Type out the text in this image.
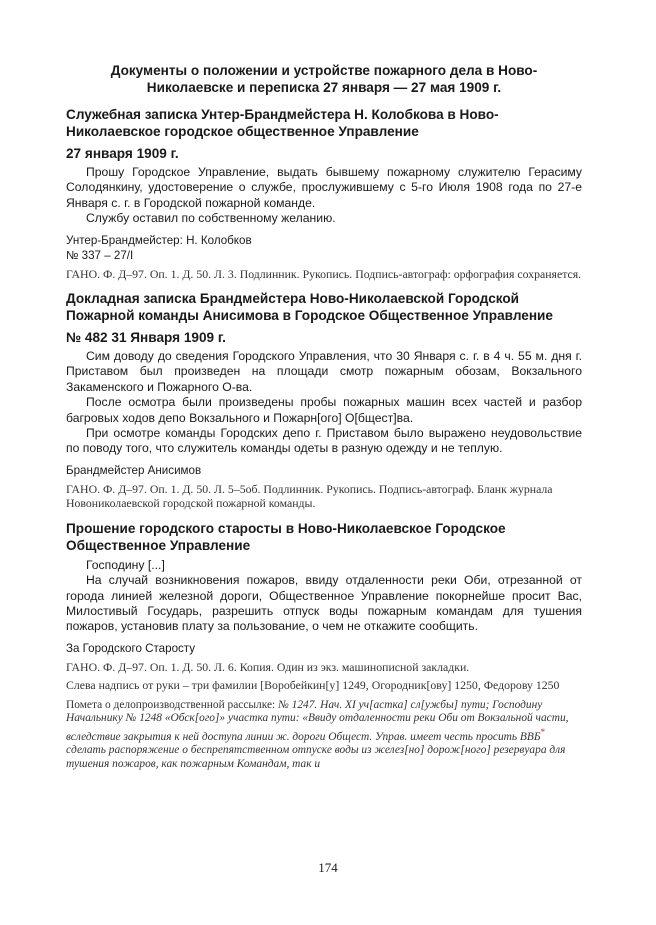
Документы о положении и устройстве пожарного дела в Ново-Николаевске и переписка 27 января — 27 мая 1909 г.
Служебная записка Унтер-Брандмейстера Н. Колобкова в Ново-Николаевское городское общественное Управление
27 января 1909 г.
Прошу Городское Управление, выдать бывшему пожарному служителю Герасиму Солодянкину, удостоверение о службе, прослужившему с 5-го Июля 1908 года по 27-е Января с. г. в Городской пожарной команде.
Службу оставил по собственному желанию.
Унтер-Брандмейстер: Н. Колобков
№ 337 – 27/I
ГАНО. Ф. Д–97. Оп. 1. Д. 50. Л. 3. Подлинник. Рукопись. Подпись-автограф: орфография сохраняется.
Докладная записка Брандмейстера Ново-Николаевской Городской Пожарной команды Анисимова в Городское Общественное Управление
№ 482 31 Января 1909 г.
Сим доводу до сведения Городского Управления, что 30 Января с. г. в 4 ч. 55 м. дня г. Приставом был произведен на площади смотр пожарным обозам, Вокзального Закаменского и Пожарного О-ва.
После осмотра были произведены пробы пожарных машин всех частей и разбор багровых ходов депо Вокзального и Пожарн[ого] О[бщест]ва.
При осмотре команды Городских депо г. Приставом было выражено неудовольствие по поводу того, что служитель команды одеты в разную одежду и не теплую.
Брандмейстер Анисимов
ГАНО. Ф. Д–97. Оп. 1. Д. 50. Л. 5–5об. Подлинник. Рукопись. Подпись-автограф. Бланк журнала Новониколаевской городской пожарной команды.
Прошение городского старосты в Ново-Николаевское Городское Общественное Управление
Господину [...]
На случай возникновения пожаров, ввиду отдаленности реки Оби, отрезанной от города линией железной дороги, Общественное Управление покорнейше просит Вас, Милостивый Государь, разрешить отпуск воды пожарным командам для тушения пожаров, установив плату за пользование, о чем не откажите сообщить.
За Городского Старосту
ГАНО. Ф. Д–97. Оп. 1. Д. 50. Л. 6. Копия. Один из экз. машинописной закладки.
Слева надпись от руки – три фамилии [Воробейкин[у] 1249, Огородник[ову] 1250, Федорову 1250
Помета о делопроизводственной рассылке: № 1247. Нач. XI уч[астка] сл[ужбы] пути; Господину Начальнику № 1248 «Обск[ого]» участка пути: «Ввиду отдаленности реки Оби от Вокзальной части, вследствие закрытия к ней доступа линии ж. дороги Общест. Управ. имеет честь просить ВВБ* сделать распоряжение о беспрепятственном отпуске воды из желез[но] дорож[ного] резервуара для тушения пожаров, как пожарным Командам, так и
174
